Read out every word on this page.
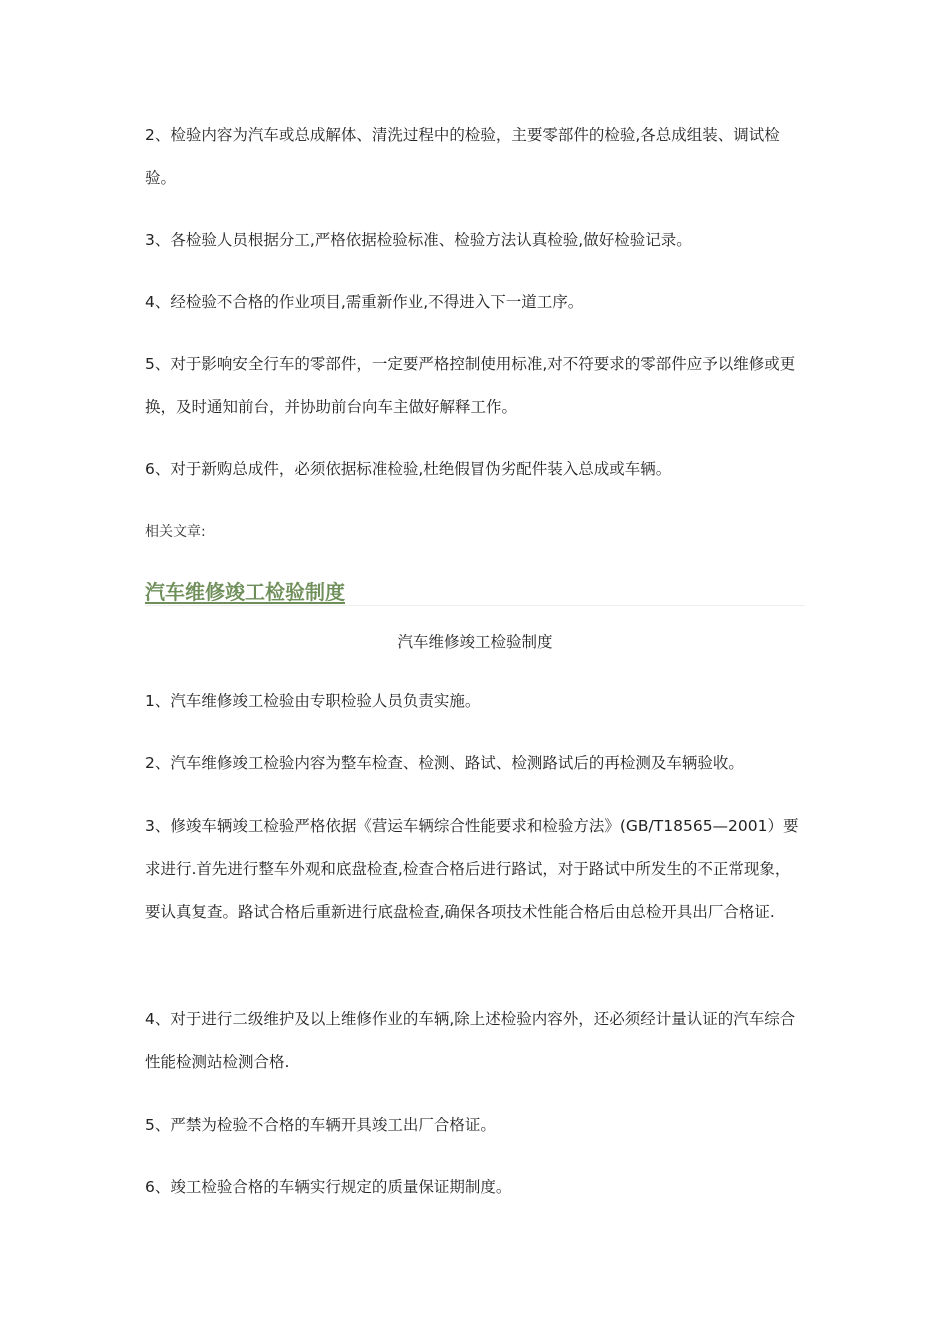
2、检验内容为汽车或总成解体、清洗过程中的检验，主要零部件的检验,各总成组装、调试检验。

3、各检验人员根据分工,严格依据检验标准、检验方法认真检验,做好检验记录。

4、经检验不合格的作业项目,需重新作业,不得进入下一道工序。

5、对于影响安全行车的零部件，一定要严格控制使用标准,对不符要求的零部件应予以维修或更换，及时通知前台，并协助前台向车主做好解释工作。

6、对于新购总成件，必须依据标准检验,杜绝假冒伪劣配件装入总成或车辆。

相关文章:
汽车维修竣工检验制度
汽车维修竣工检验制度

1、汽车维修竣工检验由专职检验人员负责实施。

2、汽车维修竣工检验内容为整车检查、检测、路试、检测路试后的再检测及车辆验收。

3、修竣车辆竣工检验严格依据《营运车辆综合性能要求和检验方法》(GB/T18565—2001）要求进行.首先进行整车外观和底盘检查,检查合格后进行路试，对于路试中所发生的不正常现象，要认真复查。路试合格后重新进行底盘检查,确保各项技术性能合格后由总检开具出厂合格证.

4、对于进行二级维护及以上维修作业的车辆,除上述检验内容外，还必须经计量认证的汽车综合性能检测站检测合格.

5、严禁为检验不合格的车辆开具竣工出厂合格证。

6、竣工检验合格的车辆实行规定的质量保证期制度。
